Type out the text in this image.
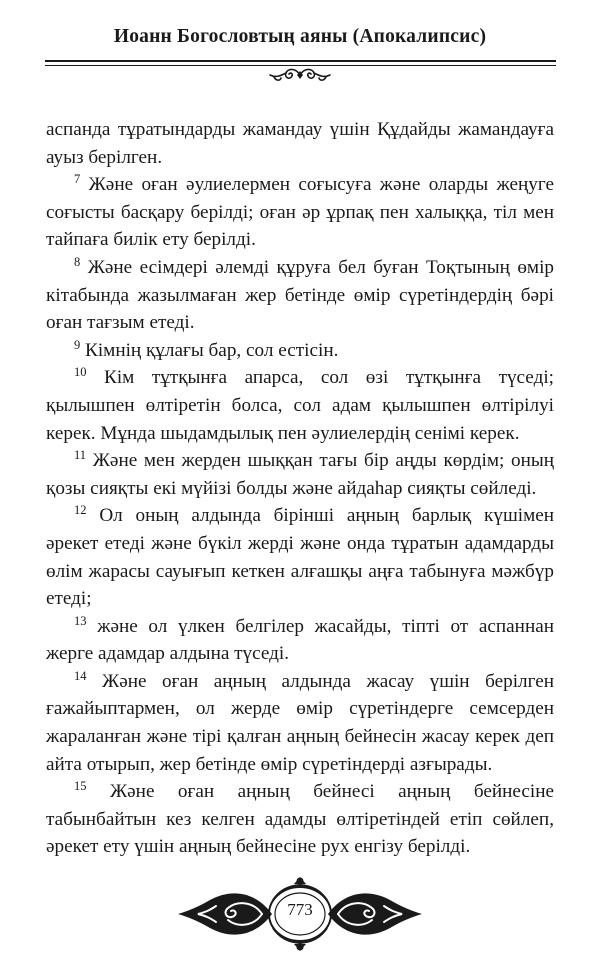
Иоанн Богословтың аяны (Апокалипсис)

аспанда тұратындарды жамандау үшін Құдайды жамандауға ауыз берілген.

$^7$ Және оған әулиелермен соғысуға және оларды жеңуге соғысты басқару берілді; оған әр ұрпақ пен халыққа, тіл мен тайпаға билік ету берілді.

$^8$ Және есімдері әлемді құруға бел буған Тоқтының өмір кітабында жазылмаған жер бетінде өмір сүретіндердің бәрі оған тағзым етеді.

$^9$ Кімнің құлағы бар, сол естісін.

$^{10}$ Кім тұтқынға апарса, сол өзі тұтқынға түседі; қылышпен өлтіретін болса, сол адам қылышпен өлтірілуі керек. Мұнда шыдамдылық пен әулиелердің сенімі керек.

$^{11}$ Және мен жерден шыққан тағы бір аңды көрдім; оның қозы сияқты екі мүйізі болды және айдаһар сияқты сөйледі.

$^{12}$ Ол оның алдында бірінші аңның барлық күшімен әрекет етеді және бүкіл жерді және онда тұратын адамдарды өлім жарасы сауығып кеткен алғашқы аңға табынуға мәжбүр етеді;

$^{13}$ және ол үлкен белгілер жасайды, тіпті от аспаннан жерге адамдар алдына түседі.

$^{14}$ Және оған аңның алдында жасау үшін берілген ғажайыптармен, ол жерде өмір сүретіндерге семсерден жараланған және тірі қалған аңның бейнесін жасау керек деп айта отырып, жер бетінде өмір сүретіндерді азғырады.

$^{15}$ Және оған аңның бейнесі аңның бейнесіне табынбайтын кез келген адамды өлтіретіндей етіп сөйлеп, әрекет ету үшін аңның бейнесіне рух енгізу берілді.

773
